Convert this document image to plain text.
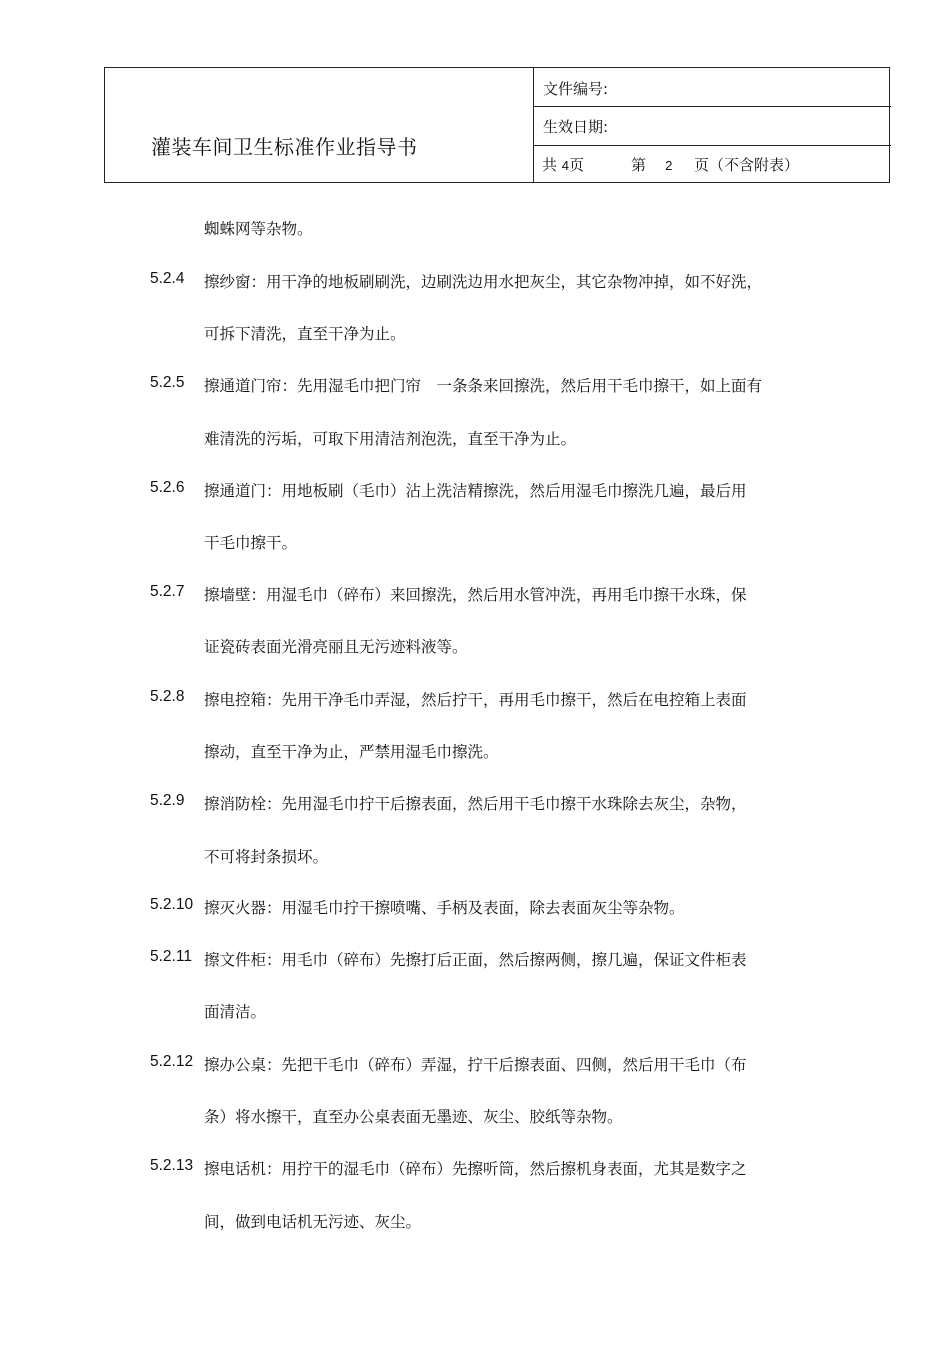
灌装车间卫生标准作业指导书
文件编号:
生效日期:
共 4页	第 2 页（不含附表）
蜘蛛网等杂物。
5.2.4 擦纱窗：用干净的地板刷刷洗，边刷洗边用水把灰尘，其它杂物冲掉，如不好洗，
可拆下清洗，直至干净为止。
5.2.5 擦通道门帘：先用湿毛巾把门帘　一条条来回擦洗，然后用干毛巾擦干，如上面有
难清洗的污垢，可取下用清洁剂泡洗，直至干净为止。
5.2.6 擦通道门：用地板刷（毛巾）沾上洗洁精擦洗，然后用湿毛巾擦洗几遍，最后用
干毛巾擦干。
5.2.7 擦墙壁：用湿毛巾（碎布）来回擦洗，然后用水管冲洗，再用毛巾擦干水珠，保
证瓷砖表面光滑亮丽且无污迹料液等。
5.2.8 擦电控箱：先用干净毛巾弄湿，然后拧干，再用毛巾擦干，然后在电控箱上表面
擦动，直至干净为止，严禁用湿毛巾擦洗。
5.2.9 擦消防栓：先用湿毛巾拧干后擦表面，然后用干毛巾擦干水珠除去灰尘，杂物，
不可将封条损坏。
5.2.10 擦灭火器：用湿毛巾拧干擦喷嘴、手柄及表面，除去表面灰尘等杂物。
5.2.11 擦文件柜：用毛巾（碎布）先擦打后正面，然后擦两侧，擦几遍，保证文件柜表
面清洁。
5.2.12 擦办公桌：先把干毛巾（碎布）弄湿，拧干后擦表面、四侧，然后用干毛巾（布
条）将水擦干，直至办公桌表面无墨迹、灰尘、胶纸等杂物。
5.2.13 擦电话机：用拧干的湿毛巾（碎布）先擦听筒，然后擦机身表面，尤其是数字之
间，做到电话机无污迹、灰尘。
